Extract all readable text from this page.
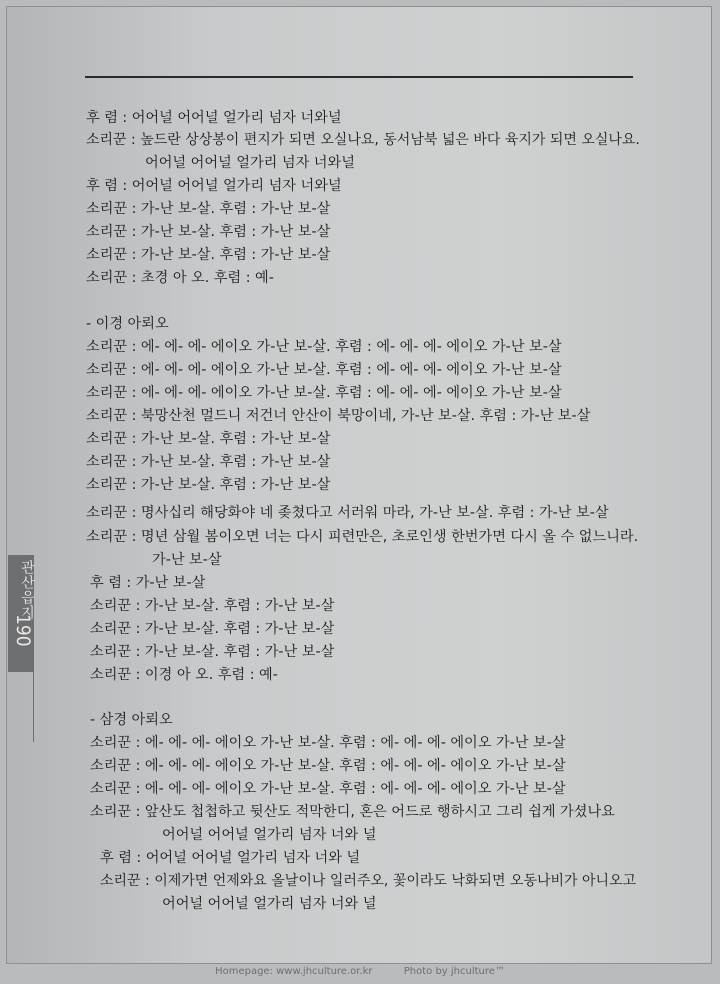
관산읍지
190
후 렴 : 어어널 어어널 얼가리 넘자 너와널
소리꾼 : 높드란 상상봉이 편지가 되면 오실나요, 동서남북 넓은 바다 육지가 되면 오실나요.
어어널 어어널 얼가리 넘자 너와널
후 렴 : 어어널 어어널 얼가리 넘자 너와널
소리꾼 : 가-난 보-살. 후렴 : 가-난 보-살
소리꾼 : 가-난 보-살. 후렴 : 가-난 보-살
소리꾼 : 가-난 보-살. 후렴 : 가-난 보-살
소리꾼 : 초경 아 오. 후렴 : 예-
- 이경 아뢰오
소리꾼 : 에- 에- 에- 에이오 가-난 보-살. 후렴 : 에- 에- 에- 에이오 가-난 보-살
소리꾼 : 에- 에- 에- 에이오 가-난 보-살. 후렴 : 에- 에- 에- 에이오 가-난 보-살
소리꾼 : 에- 에- 에- 에이오 가-난 보-살. 후렴 : 에- 에- 에- 에이오 가-난 보-살
소리꾼 : 북망산천 멀드니 저건너 안산이 북망이네, 가-난 보-살. 후렴 : 가-난 보-살
소리꾼 : 가-난 보-살. 후렴 : 가-난 보-살
소리꾼 : 가-난 보-살. 후렴 : 가-난 보-살
소리꾼 : 가-난 보-살. 후렴 : 가-난 보-살
소리꾼 : 명사십리 해당화야 네 좆쳤다고 서러워 마라, 가-난 보-살. 후렴 : 가-난 보-살
소리꾼 : 명년 삼월 봄이오면 너는 다시 피련만은, 초로인생 한번가면 다시 올 수 없느니라.
가-난 보-살
후 렴 : 가-난 보-살
소리꾼 : 가-난 보-살. 후렴 : 가-난 보-살
소리꾼 : 가-난 보-살. 후렴 : 가-난 보-살
소리꾼 : 가-난 보-살. 후렴 : 가-난 보-살
소리꾼 : 이경 아 오. 후렴 : 예-
- 삼경 아뢰오
소리꾼 : 에- 에- 에- 에이오 가-난 보-살. 후렴 : 에- 에- 에- 에이오 가-난 보-살
소리꾼 : 에- 에- 에- 에이오 가-난 보-살. 후렴 : 에- 에- 에- 에이오 가-난 보-살
소리꾼 : 에- 에- 에- 에이오 가-난 보-살. 후렴 : 에- 에- 에- 에이오 가-난 보-살
소리꾼 : 앞산도 첩첩하고 뒷산도 적막한디, 혼은 어드로 행하시고 그리 쉽게 가셨나요
어어널 어어널 얼가리 넘자 너와 널
후 렴 : 어어널 어어널 얼가리 넘자 너와 널
소리꾼 : 이제가면 언제와요 올날이나 일러주오, 꽃이라도 낙화되면 오동나비가 아니오고
어어널 어어널 얼가리 넘자 너와 널
Homepage: www.jhculture.or.kr	Photo by jhculture™
